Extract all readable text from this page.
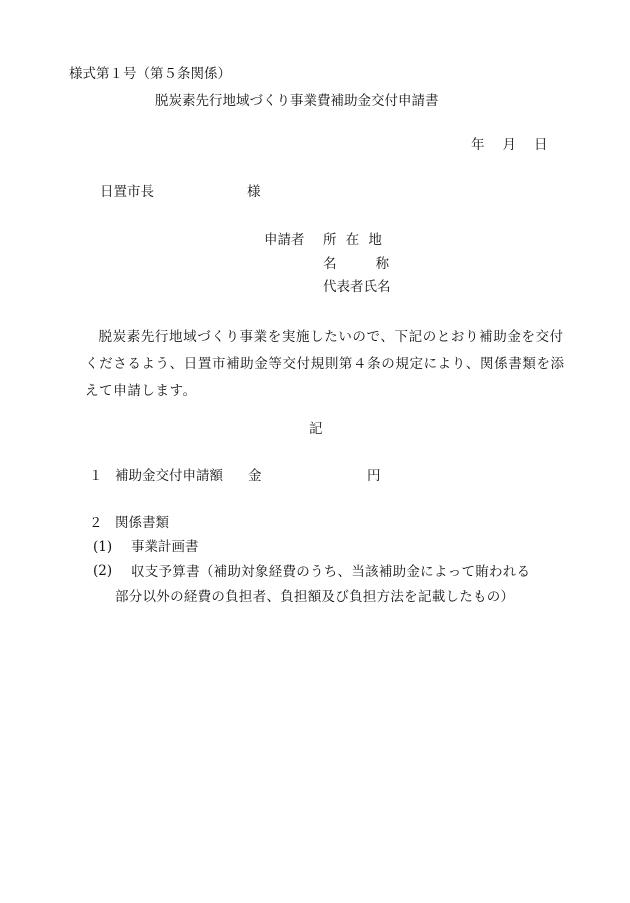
様式第１号（第５条関係）
脱炭素先行地域づくり事業費補助金交付申請書
年 月 日
日置市長	様
申請者 所在地
名称
代表者氏名
脱炭素先行地域づくり事業を実施したいので、下記のとおり補助金を交付くださるよう、日置市補助金等交付規則第４条の規定により、関係書類を添えて申請します。
記
１ 補助金交付申請額 金	円
２ 関係書類
(1) 事業計画書
(2) 収支予算書（補助対象経費のうち、当該補助金によって賄われる
部分以外の経費の負担者、負担額及び負担方法を記載したもの）
